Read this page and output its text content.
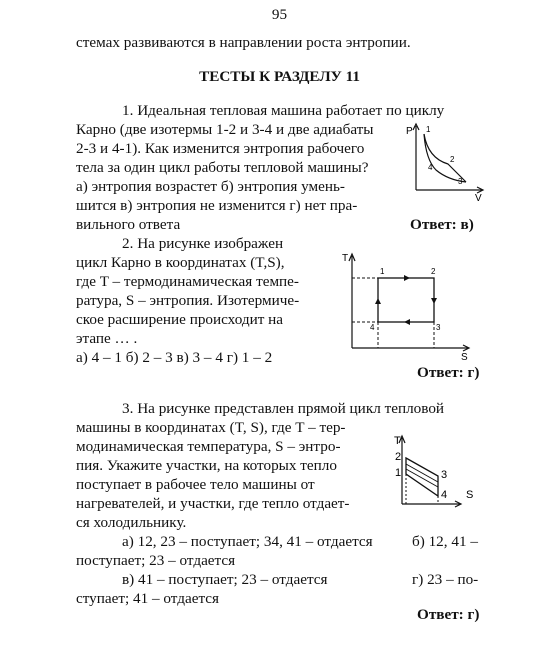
95
стемах развиваются в направлении роста энтропии.
ТЕСТЫ К РАЗДЕЛУ 11
1. Идеальная тепловая машина работает по циклу
Карно (две изотермы 1-2 и 3-4 и две адиабаты
2-3 и 4-1). Как изменится энтропия рабочего
тела за один цикл работы тепловой машины?
а) энтропия возрастет б) энтропия умень-
шится в) энтропия не изменится г) нет пра-
вильного ответа	Ответ: в)
P
V
1
2
3
4
2. На рисунке изображен
цикл Карно в координатах (T,S),
где T – термодинамическая темпе-
ратура, S – энтропия. Изотермиче-
ское расширение происходит на
этапе … .
а) 4 – 1 б) 2 – 3 в) 3 – 4 г) 1 – 2
Ответ: г)
T
S
1	2
3
4
3. На рисунке представлен прямой цикл тепловой
машины в координатах (T, S), где T – тер-
модинамическая температура, S – энтро-
пия. Укажите участки, на которых тепло
поступает в рабочее тело машины от
нагревателей, и участки, где тепло отдает-
ся холодильнику.
а) 12, 23 – поступает; 34, 41 – отдается	б) 12, 41 –
поступает; 23 – отдается
в) 41 – поступает; 23 – отдается	г) 23 – по-
ступает; 41 – отдается
Ответ: г)
T
S
2
1	3
4
